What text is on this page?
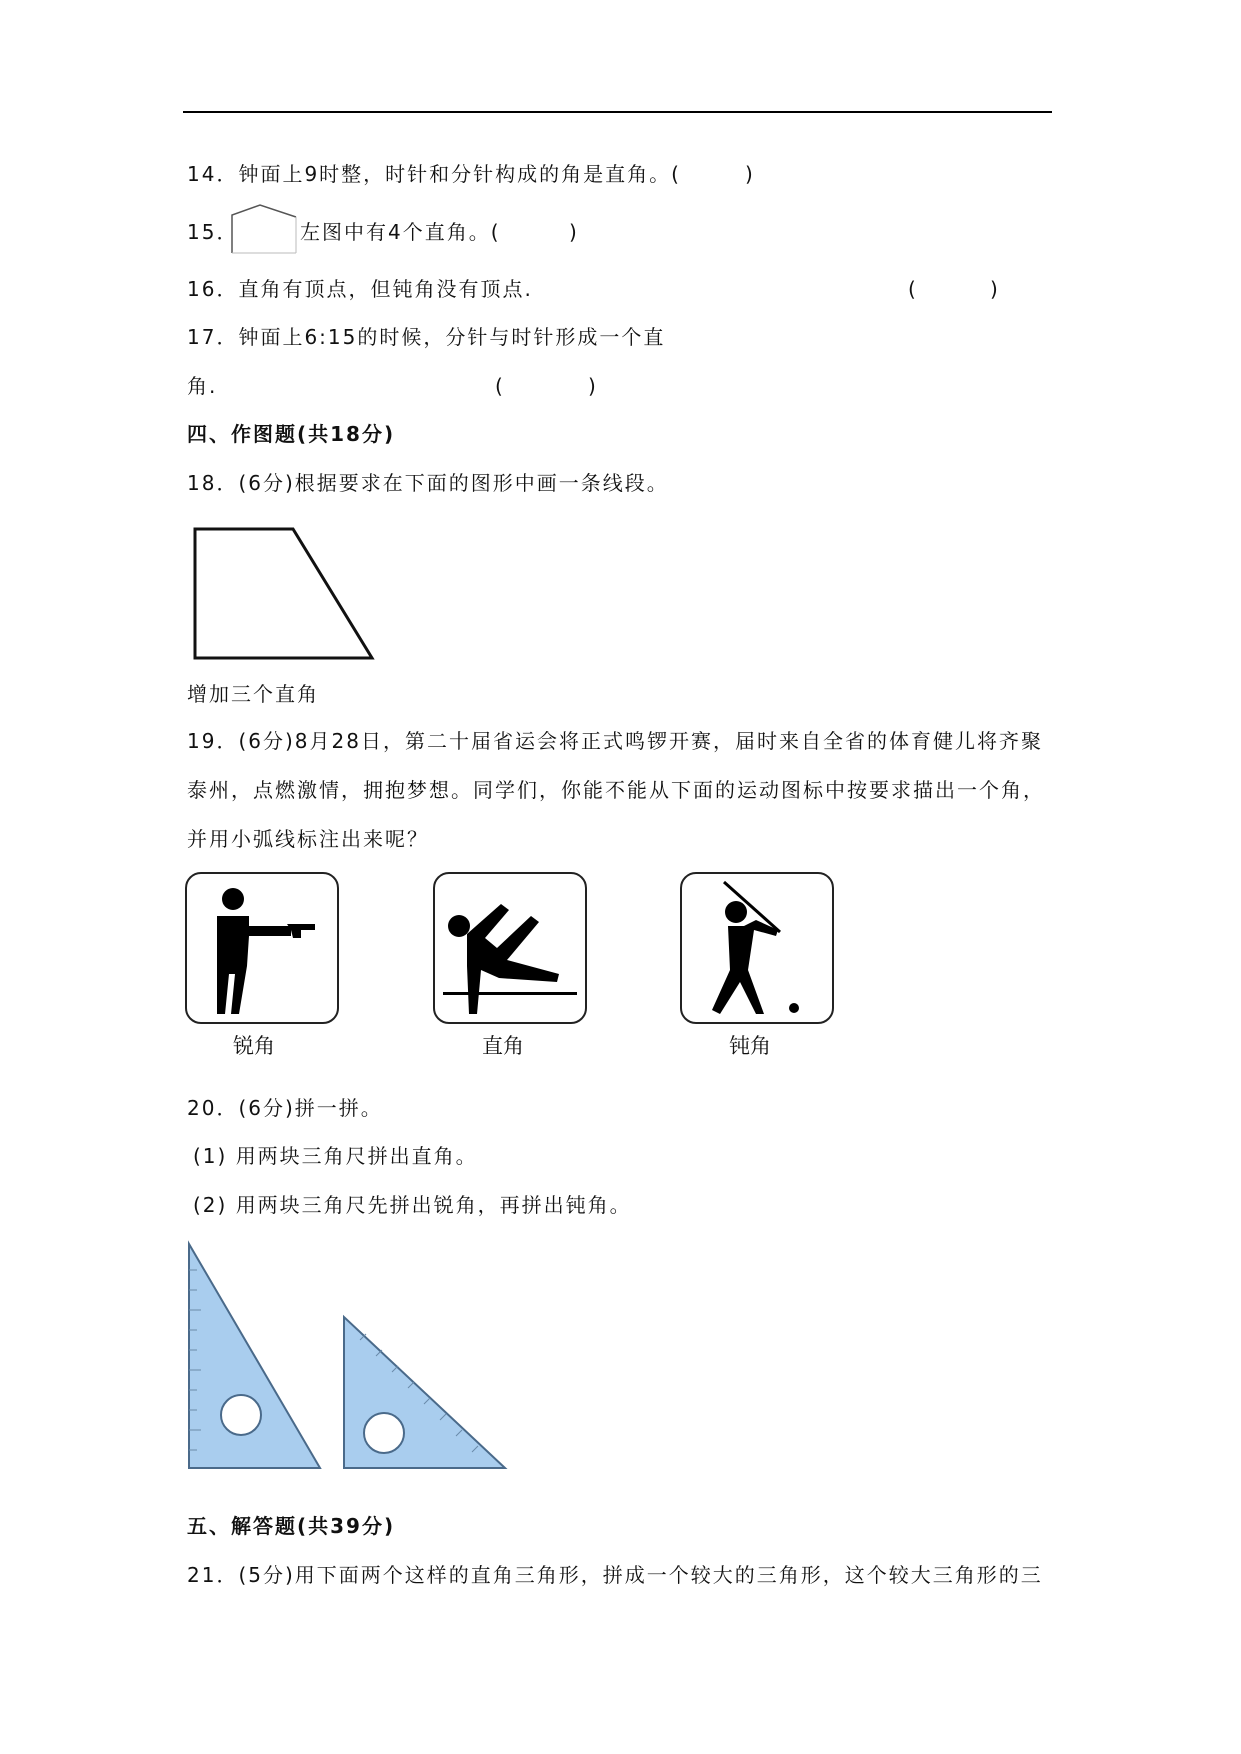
14．钟面上9时整，时针和分针构成的角是直角。(	)
15．	左图中有4个直角。(	)
16．直角有顶点，但钝角没有顶点.	(	)
17．钟面上6:15的时候，分针与时针形成一个直
角.	(	)
四、作图题(共18分)
18．(6分)根据要求在下面的图形中画一条线段。
增加三个直角
19．(6分)8月28日，第二十届省运会将正式鸣锣开赛，届时来自全省的体育健儿将齐聚
泰州，点燃激情，拥抱梦想。同学们，你能不能从下面的运动图标中按要求描出一个角，
并用小弧线标注出来呢？
锐角	直角	钝角
20．(6分)拼一拼。
(1) 用两块三角尺拼出直角。
(2) 用两块三角尺先拼出锐角，再拼出钝角。
五、解答题(共39分)
21．(5分)用下面两个这样的直角三角形，拼成一个较大的三角形，这个较大三角形的三
